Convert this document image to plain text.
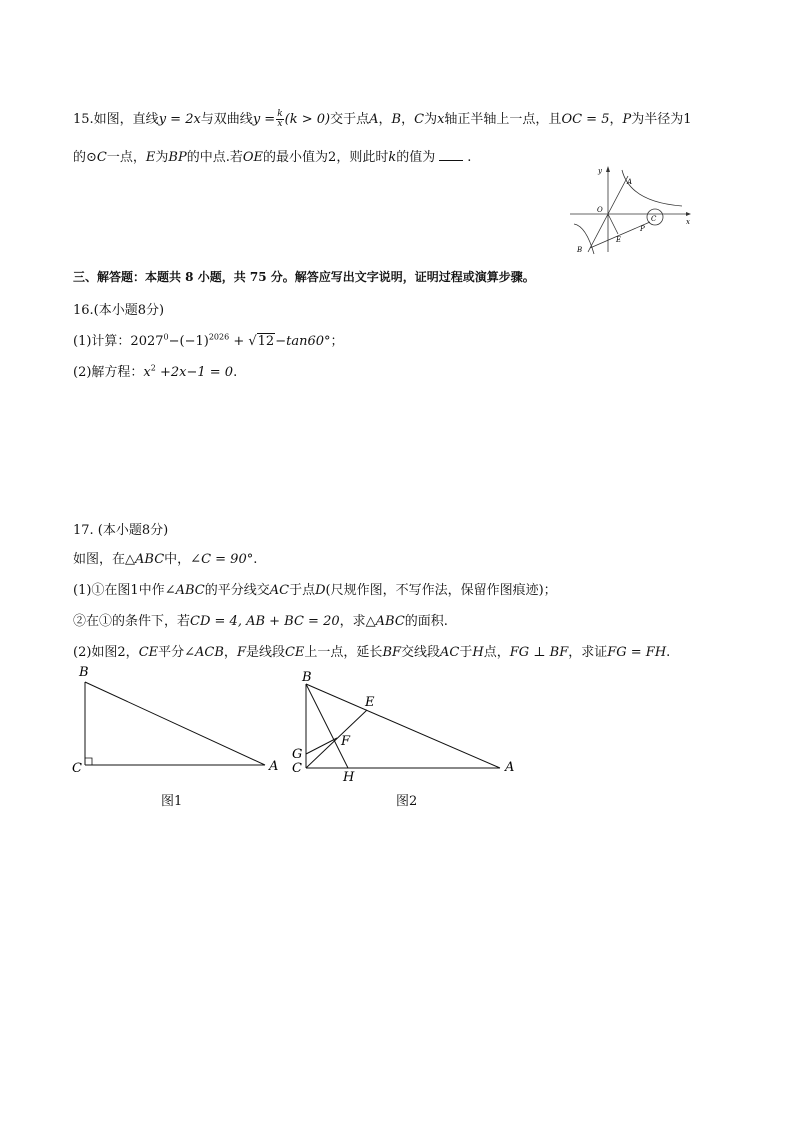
15.如图，直线y = 2x与双曲线$y = \frac{k}{x} (k > 0)$交于点A，B，C为x轴正半轴上一点，且OC = 5，P为半径为1
的⊙C一点，E为BP的中点.若OE的最小值为2，则此时k的值为 .
y
x
O
A
B
C
E
P
三、解答题：本题共 8 小题，共 75 分。解答应写出文字说明，证明过程或演算步骤。
16.(本小题8分)
(1)计算：$2027^0-(-1)^{2026} + √12-\tan 60^\circ$；
(2)解方程：$x^2 +2x-1 = 0$.
17. (本小题8分)
如图，在△ABC中，∠C = 90°.
(1)①在图1中作∠ABC的平分线交AC于点D(尺规作图，不写作法，保留作图痕迹)；
②在①的条件下，若CD = 4, AB + BC = 20，求△ABC的面积.
(2)如图2，CE平分∠ACB，F是线段CE上一点，延长BF交线段AC于H点，FG ⊥ BF，求证FG = FH.
B
C	A
图1
B
E
F
G
C
H
A
图2
